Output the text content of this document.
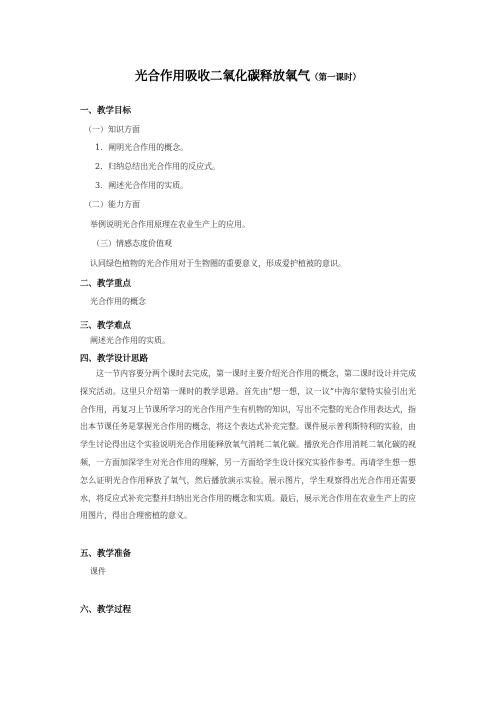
光合作用吸收二氧化碳释放氧气（第一课时）
一、教学目标
（一）知识方面
1．阐明光合作用的概念。
2．归纳总结出光合作用的反应式。
3．阐述光合作用的实质。
（二）能力方面
举例说明光合作用原理在农业生产上的应用。
（三）情感态度价值观
认同绿色植物的光合作用对于生物圈的重要意义，形成爱护植被的意识。
二、教学重点
光合作用的概念
三、教学难点
阐述光合作用的实质。
四、教学设计思路

这一节内容要分两个课时去完成，第一课时主要介绍光合作用的概念，第二课时设计并完成探究活动。这里只介绍第一课时的教学思路。首先由“想一想，议一议”中海尔蒙特实验引出光合作用，再复习上节课所学习的光合作用产生有机物的知识，写出不完整的光合作用表达式，指出本节课任务是掌握光合作用的概念，将这个表达式补充完整。课件展示普利斯特利的实验，由学生讨论得出这个实验说明光合作用能释放氧气消耗二氧化碳。播放光合作用消耗二氧化碳的视频，一方面加深学生对光合作用的理解，另一方面给学生设计探究实验作参考。再请学生想一想怎么证明光合作用释放了氧气，然后播放演示实验。展示图片，学生观察得出光合作用还需要水，将反应式补充完整并归纳出光合作用的概念和实质。最后，展示光合作用在农业生产上的应用图片，得出合理密植的意义。

五、教学准备
课件
六、教学过程
